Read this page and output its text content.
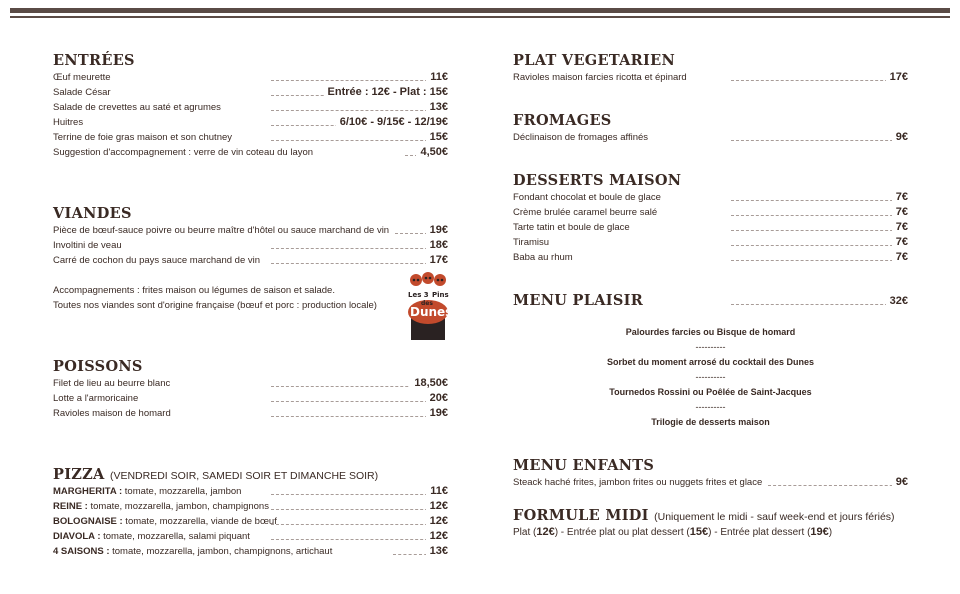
ENTRÉES
Œuf meurette	11€
Salade César	Entrée : 12€ - Plat : 15€
Salade de crevettes au saté et agrumes	13€
Huitres	6/10€ - 9/15€ - 12/19€
Terrine de foie gras maison et son chutney	15€
Suggestion d'accompagnement : verre de vin coteau du layon	4,50€
VIANDES
Pièce de bœuf-sauce poivre ou beurre maître d'hôtel ou sauce marchand de vin	19€
Involtini de veau	18€
Carré de cochon du pays sauce marchand de vin	17€
Accompagnements : frites maison ou légumes de saison et salade.
Toutes nos viandes sont d'origine française (bœuf et porc : production locale)
POISSONS
Filet de lieu au beurre blanc	18,50€
Lotte a l'armoricaine	20€
Ravioles maison de homard	19€
PIZZA (VENDREDI SOIR, SAMEDI SOIR ET DIMANCHE SOIR)
MARGHERITA : tomate, mozzarella, jambon	11€
REINE : tomate, mozzarella, jambon, champignons	12€
BOLOGNAISE : tomate, mozzarella, viande de bœuf	12€
DIAVOLA : tomate, mozzarella, salami piquant	12€
4 SAISONS : tomate, mozzarella, jambon, champignons, artichaut	13€
Les 3 Pins
des
Dunes
PLAT VEGETARIEN
Ravioles maison farcies ricotta et épinard	17€
FROMAGES
Déclinaison de fromages affinés	9€
DESSERTS MAISON
Fondant chocolat et boule de glace	7€
Crème brulée caramel beurre salé	7€
Tarte tatin et boule de glace	7€
Tiramisu	7€
Baba au rhum	7€
MENU PLAISIR	32€
Palourdes farcies ou Bisque de homard
----------
Sorbet du moment arrosé du cocktail des Dunes
----------
Tournedos Rossini ou Poêlée de Saint-Jacques
----------
Trilogie de desserts maison
MENU ENFANTS
Steack haché frites, jambon frites ou nuggets frites et glace	9€
FORMULE MIDI (Uniquement le midi - sauf week-end et jours fériés)
Plat (12€) - Entrée plat ou plat dessert (15€) - Entrée plat dessert (19€)
